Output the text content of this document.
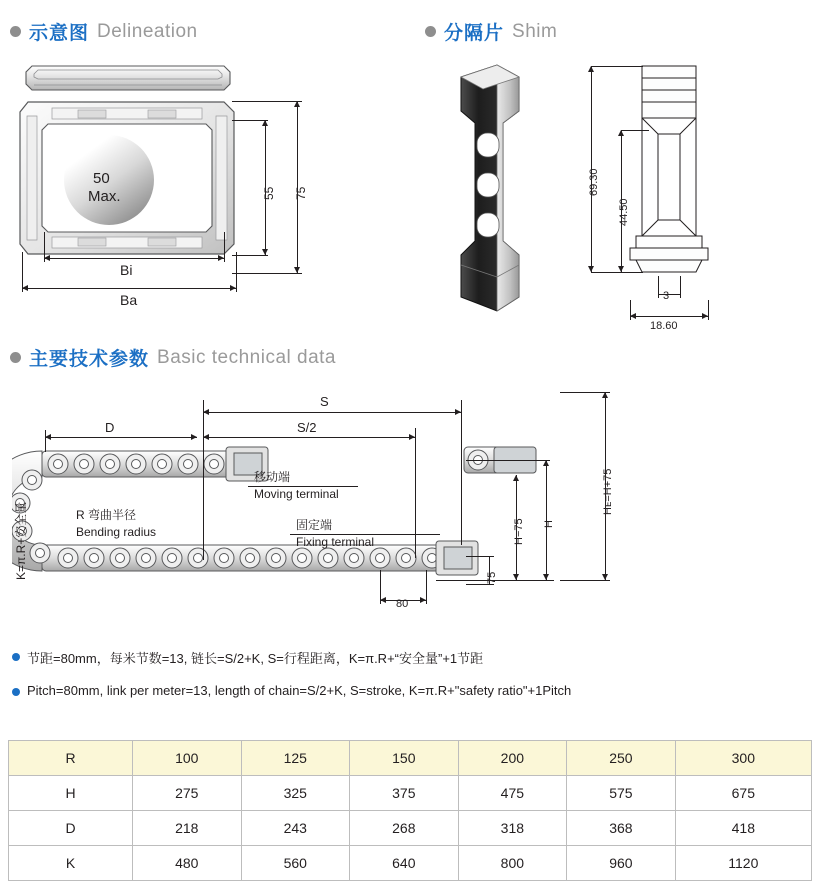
示意图 Delineation	分隔片 Shim
50
Max.	55 75
Bi
Ba
69.30
44.50
3
18.60
主要技术参数 Basic technical data
S
S/2
D
K=π.R+安全量
移动端
Moving terminal
R 弯曲半径
Bending radius	固定端
Fixing terminal	H−75 H
Hᴇ=H+75
75
80
节距=80mm，每米节数=13, 链长=S/2+K, S=行程距离，K=π.R+“安全量”+1节距
Pitch=80mm, link per meter=13, length of chain=S/2+K, S=stroke, K=π.R+"safety ratio"+1Pitch
R	100	125	150	200	250	300
H	275	325	375	475	575	675
D	218	243	268	318	368	418
K	480	560	640	800	960	1120
